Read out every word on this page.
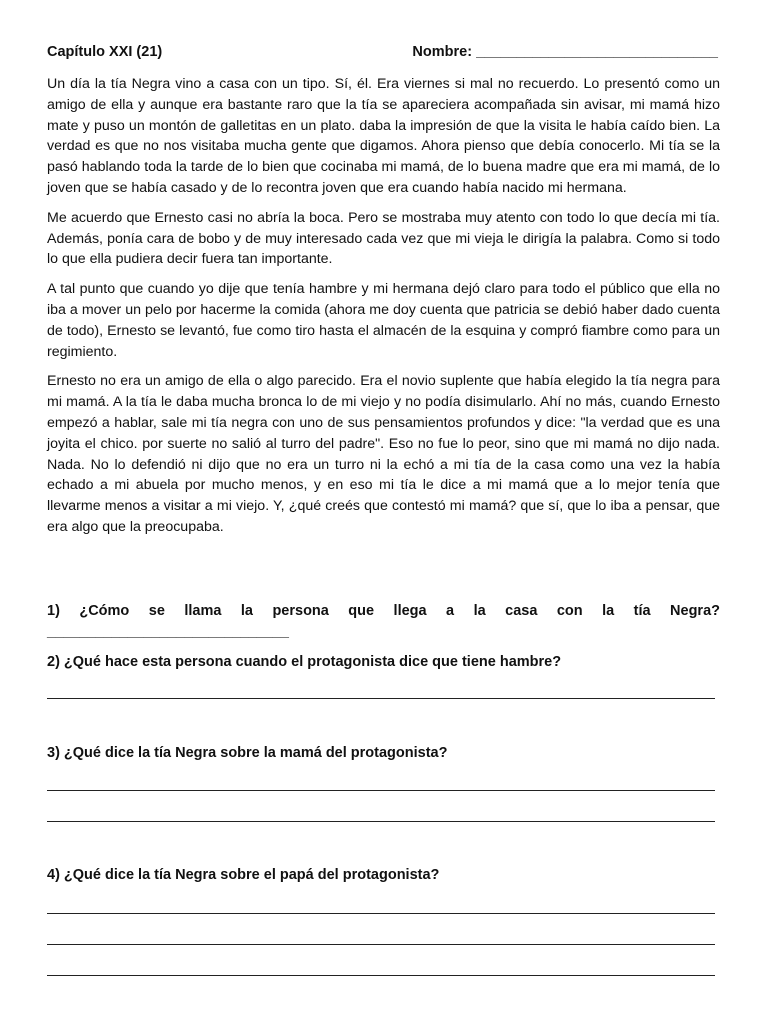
Capítulo XXI (21)	Nombre: ______________________________

Un día la tía Negra vino a casa con un tipo. Sí, él. Era viernes si mal no recuerdo. Lo presentó como un amigo de ella y aunque era bastante raro que la tía se apareciera acompañada sin avisar, mi mamá hizo mate y puso un montón de galletitas en un plato. daba la impresión de que la visita le había caído bien. La verdad es que no nos visitaba mucha gente que digamos. Ahora pienso que debía conocerlo. Mi tía se la pasó hablando toda la tarde de lo bien que cocinaba mi mamá, de lo buena madre que era mi mamá, de lo joven que se había casado y de lo recontra joven que era cuando había nacido mi hermana.

Me acuerdo que Ernesto casi no abría la boca. Pero se mostraba muy atento con todo lo que decía mi tía. Además, ponía cara de bobo y de muy interesado cada vez que mi vieja le dirigía la palabra. Como si todo lo que ella pudiera decir fuera tan importante.

A tal punto que cuando yo dije que tenía hambre y mi hermana dejó claro para todo el público que ella no iba a mover un pelo por hacerme la comida (ahora me doy cuenta que patricia se debió haber dado cuenta de todo), Ernesto se levantó, fue como tiro hasta el almacén de la esquina y compró fiambre como para un regimiento.

Ernesto no era un amigo de ella o algo parecido. Era el novio suplente que había elegido la tía negra para mi mamá. A la tía le daba mucha bronca lo de mi viejo y no podía disimularlo. Ahí no más, cuando Ernesto empezó a hablar, sale mi tía negra con uno de sus pensamientos profundos y dice: "la verdad que es una joyita el chico. por suerte no salió al turro del padre". Eso no fue lo peor, sino que mi mamá no dijo nada. Nada. No lo defendió ni dijo que no era un turro ni la echó a mi tía de la casa como una vez la había echado a mi abuela por mucho menos, y en eso mi tía le dice a mi mamá que a lo mejor tenía que llevarme menos a visitar a mi viejo. Y, ¿qué creés que contestó mi mamá? que sí, que lo iba a pensar, que era algo que la preocupaba.

1) ¿Cómo se llama la persona que llega a la casa con la tía Negra?
______________________________
2) ¿Qué hace esta persona cuando el protagonista dice que tiene hambre?
3) ¿Qué dice la tía Negra sobre la mamá del protagonista?
4) ¿Qué dice la tía Negra sobre el papá del protagonista?
